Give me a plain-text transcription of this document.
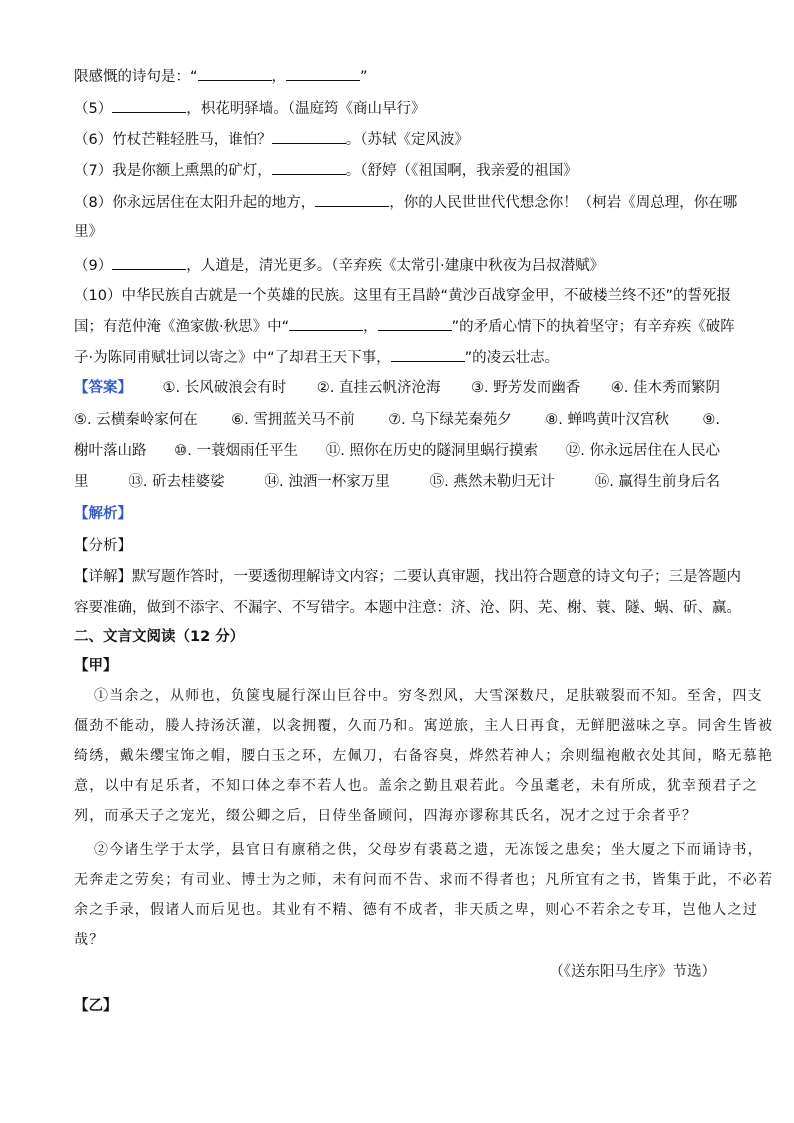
限感慨的诗句是：“	，	”
（5）	，枳花明驿墙。（温庭筠《商山早行》
（6）竹杖芒鞋轻胜马，谁怕？	。（苏轼《定风波》
（7）我是你额上熏黑的矿灯，	。（舒婷（《祖国啊，我亲爱的祖国》
（8）你永远居住在太阳升起的地方，	，你的人民世世代代想念你！（柯岩《周总理，你在哪
里》
（9）	，人道是，清光更多。（辛弃疾《太常引·建康中秋夜为吕叔潜赋》
（10）中华民族自古就是一个英雄的民族。这里有王昌龄“黄沙百战穿金甲，不破楼兰终不还”的誓死报
国；有范仲淹《渔家傲·秋思》中“	，	”的矛盾心情下的执着坚守；有辛弃疾《破阵
子·为陈同甫赋壮词以寄之》中“了却君王天下事，	”的凌云壮志。
【答案】 ①. 长风破浪会有时 ②. 直挂云帆济沧海 ③. 野芳发而幽香 ④. 佳木秀而繁阴
⑤. 云横秦岭家何在 ⑥. 雪拥蓝关马不前 ⑦. 乌下绿芜秦苑夕 ⑧. 蝉鸣黄叶汉宫秋 ⑨.
榭叶落山路 ⑩. 一蓑烟雨任平生 ⑪. 照你在历史的隧洞里蜗行摸索 ⑫. 你永远居住在人民心
里	⑬. 斫去桂婆娑	⑭. 浊酒一杯家万里	⑮. 燕然未勒归无计	⑯. 赢得生前身后名
【解析】
【分析】
【详解】默写题作答时，一要透彻理解诗文内容；二要认真审题，找出符合题意的诗文句子；三是答题内
容要准确，做到不添字、不漏字、不写错字。本题中注意：济、沧、阴、芜、榭、蓑、隧、蜗、斫、赢。
二、文言文阅读（12 分）
【甲】
①当余之，从师也，负箧曳屣行深山巨谷中。穷冬烈风，大雪深数尺，足肤皲裂而不知。至舍，四支
僵劲不能动，媵人持汤沃灌，以衾拥覆，久而乃和。寓逆旅，主人日再食，无鲜肥滋味之享。同舍生皆被
绮绣，戴朱缨宝饰之帽，腰白玉之环，左佩刀，右备容臭，烨然若神人；余则缊袍敝衣处其间，略无慕艳
意，以中有足乐者，不知口体之奉不若人也。盖余之勤且艰若此。今虽耄老，未有所成，犹幸预君子之
列，而承天子之宠光，缀公卿之后，日侍坐备顾问，四海亦谬称其氏名，况才之过于余者乎？
②今诸生学于太学，县官日有廪稍之供，父母岁有裘葛之遗，无冻馁之患矣；坐大厦之下而诵诗书，
无奔走之劳矣；有司业、博士为之师，未有问而不告、求而不得者也；凡所宜有之书，皆集于此，不必若
余之手录，假诸人而后见也。其业有不精、德有不成者，非天质之卑，则心不若余之专耳，岂他人之过
哉？
（《送东阳马生序》节选）
【乙】
